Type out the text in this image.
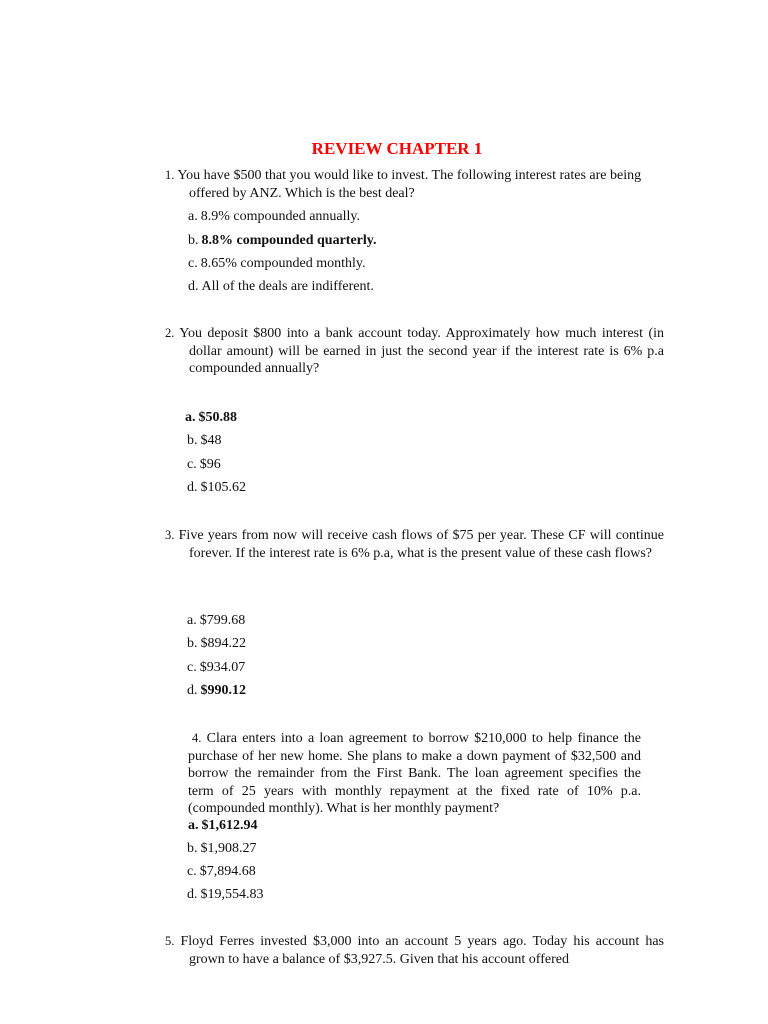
REVIEW CHAPTER 1
1. You have $500 that you would like to invest. The following interest rates are being offered by ANZ. Which is the best deal?
a. 8.9% compounded annually.
b. 8.8% compounded quarterly.
c. 8.65% compounded monthly.
d. All of the deals are indifferent.
2. You deposit $800 into a bank account today. Approximately how much interest (in dollar amount) will be earned in just the second year if the interest rate is 6% p.a compounded annually?
a. $50.88
b. $48
c. $96
d. $105.62
3. Five years from now will receive cash flows of $75 per year. These CF will continue forever. If the interest rate is 6% p.a, what is the present value of these cash flows?
a. $799.68
b. $894.22
c. $934.07
d. $990.12
4. Clara enters into a loan agreement to borrow $210,000 to help finance the purchase of her new home. She plans to make a down payment of $32,500 and borrow the remainder from the First Bank. The loan agreement specifies the term of 25 years with monthly repayment at the fixed rate of 10% p.a. (compounded monthly). What is her monthly payment?
a. $1,612.94
b. $1,908.27
c. $7,894.68
d. $19,554.83
5. Floyd Ferres invested $3,000 into an account 5 years ago. Today his account has grown to have a balance of $3,927.5. Given that his account offered
